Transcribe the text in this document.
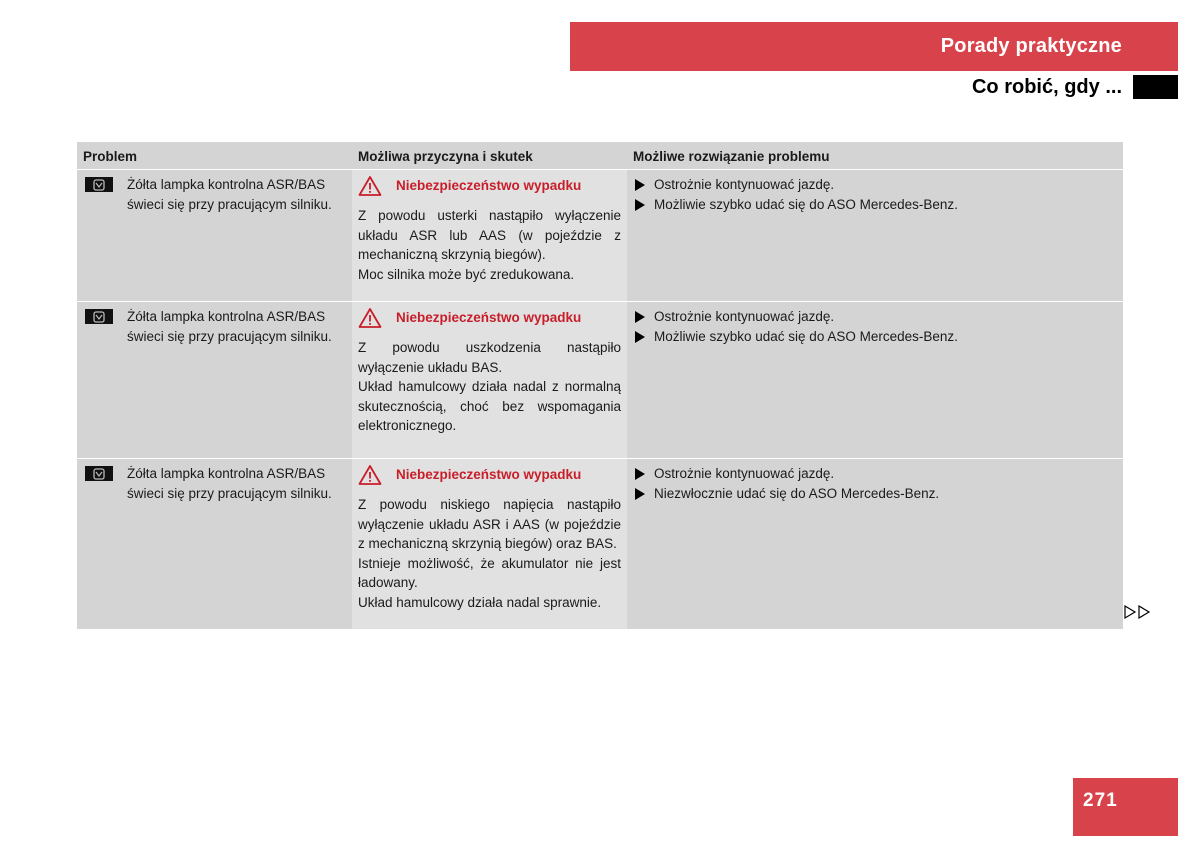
Porady praktyczne
Co robić, gdy ...
Problem	Możliwa przyczyna i skutek	Możliwe rozwiązanie problemu
Żółta lampka kontrolna ASR/BAS świeci się przy pracującym silniku.
Niebezpieczeństwo wypadku
Z powodu usterki nastąpiło wyłączenie układu ASR lub AAS (w pojeździe z mechaniczną skrzynią biegów).
Moc silnika może być zredukowana.
Ostrożnie kontynuować jazdę.
Możliwie szybko udać się do ASO Mercedes-Benz.
Żółta lampka kontrolna ASR/BAS świeci się przy pracującym silniku.
Niebezpieczeństwo wypadku
Z powodu uszkodzenia nastąpiło wyłączenie układu BAS.
Układ hamulcowy działa nadal z normalną skutecznością, choć bez wspomagania elektronicznego.
Ostrożnie kontynuować jazdę.
Możliwie szybko udać się do ASO Mercedes-Benz.
Żółta lampka kontrolna ASR/BAS świeci się przy pracującym silniku.
Niebezpieczeństwo wypadku
Z powodu niskiego napięcia nastąpiło wyłączenie układu ASR i AAS (w pojeździe z mechaniczną skrzynią biegów) oraz BAS.
Istnieje możliwość, że akumulator nie jest ładowany.
Układ hamulcowy działa nadal sprawnie.
Ostrożnie kontynuować jazdę.
Niezwłocznie udać się do ASO Mercedes-Benz.
271
